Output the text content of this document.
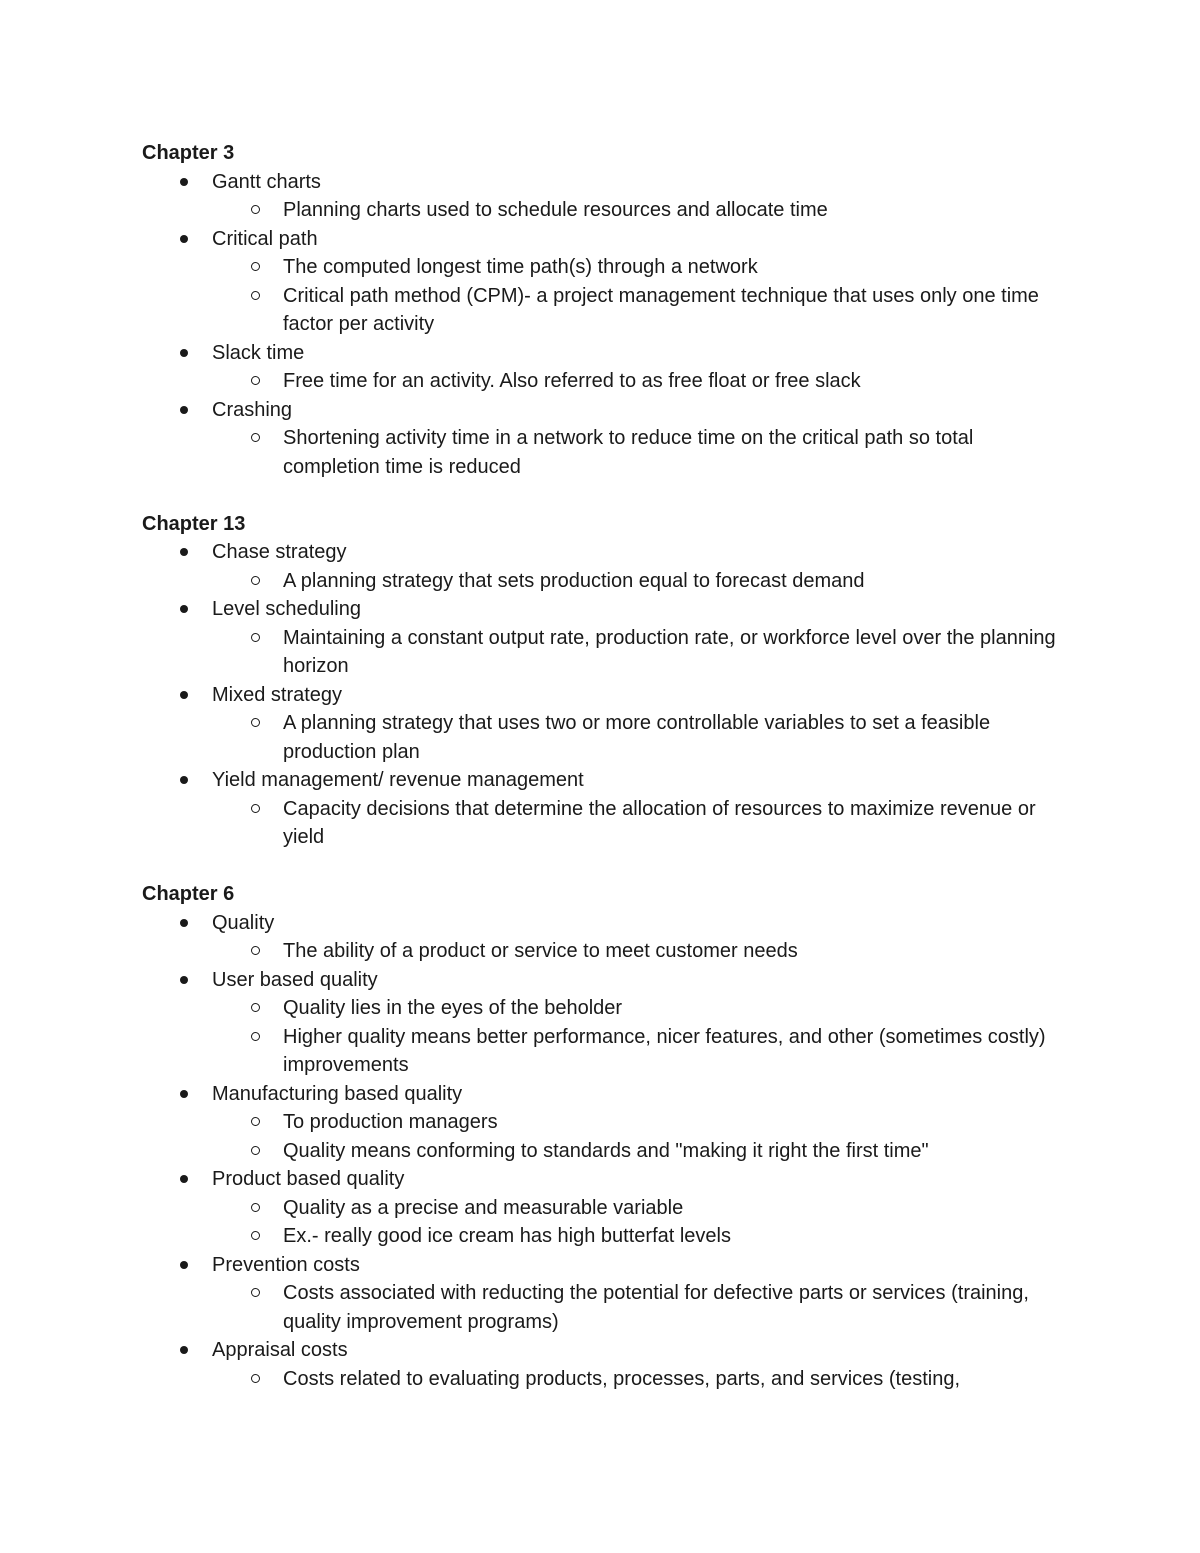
Chapter 3
Gantt charts
Planning charts used to schedule resources and allocate time
Critical path
The computed longest time path(s) through a network
Critical path method (CPM)- a project management technique that uses only one time factor per activity
Slack time
Free time for an activity. Also referred to as free float or free slack
Crashing
Shortening activity time in a network to reduce time on the critical path so total completion time is reduced
Chapter 13
Chase strategy
A planning strategy that sets production equal to forecast demand
Level scheduling
Maintaining a constant output rate, production rate, or workforce level over the planning horizon
Mixed strategy
A planning strategy that uses two or more controllable variables to set a feasible production plan
Yield management/ revenue management
Capacity decisions that determine the allocation of resources to maximize revenue or yield
Chapter 6
Quality
The ability of a product or service to meet customer needs
User based quality
Quality lies in the eyes of the beholder
Higher quality means better performance, nicer features, and other (sometimes costly) improvements
Manufacturing based quality
To production managers
Quality means conforming to standards and "making it right the first time"
Product based quality
Quality as a precise and measurable variable
Ex.- really good ice cream has high butterfat levels
Prevention costs
Costs associated with reducting the potential for defective parts or services (training, quality improvement programs)
Appraisal costs
Costs related to evaluating products, processes, parts, and services (testing,
